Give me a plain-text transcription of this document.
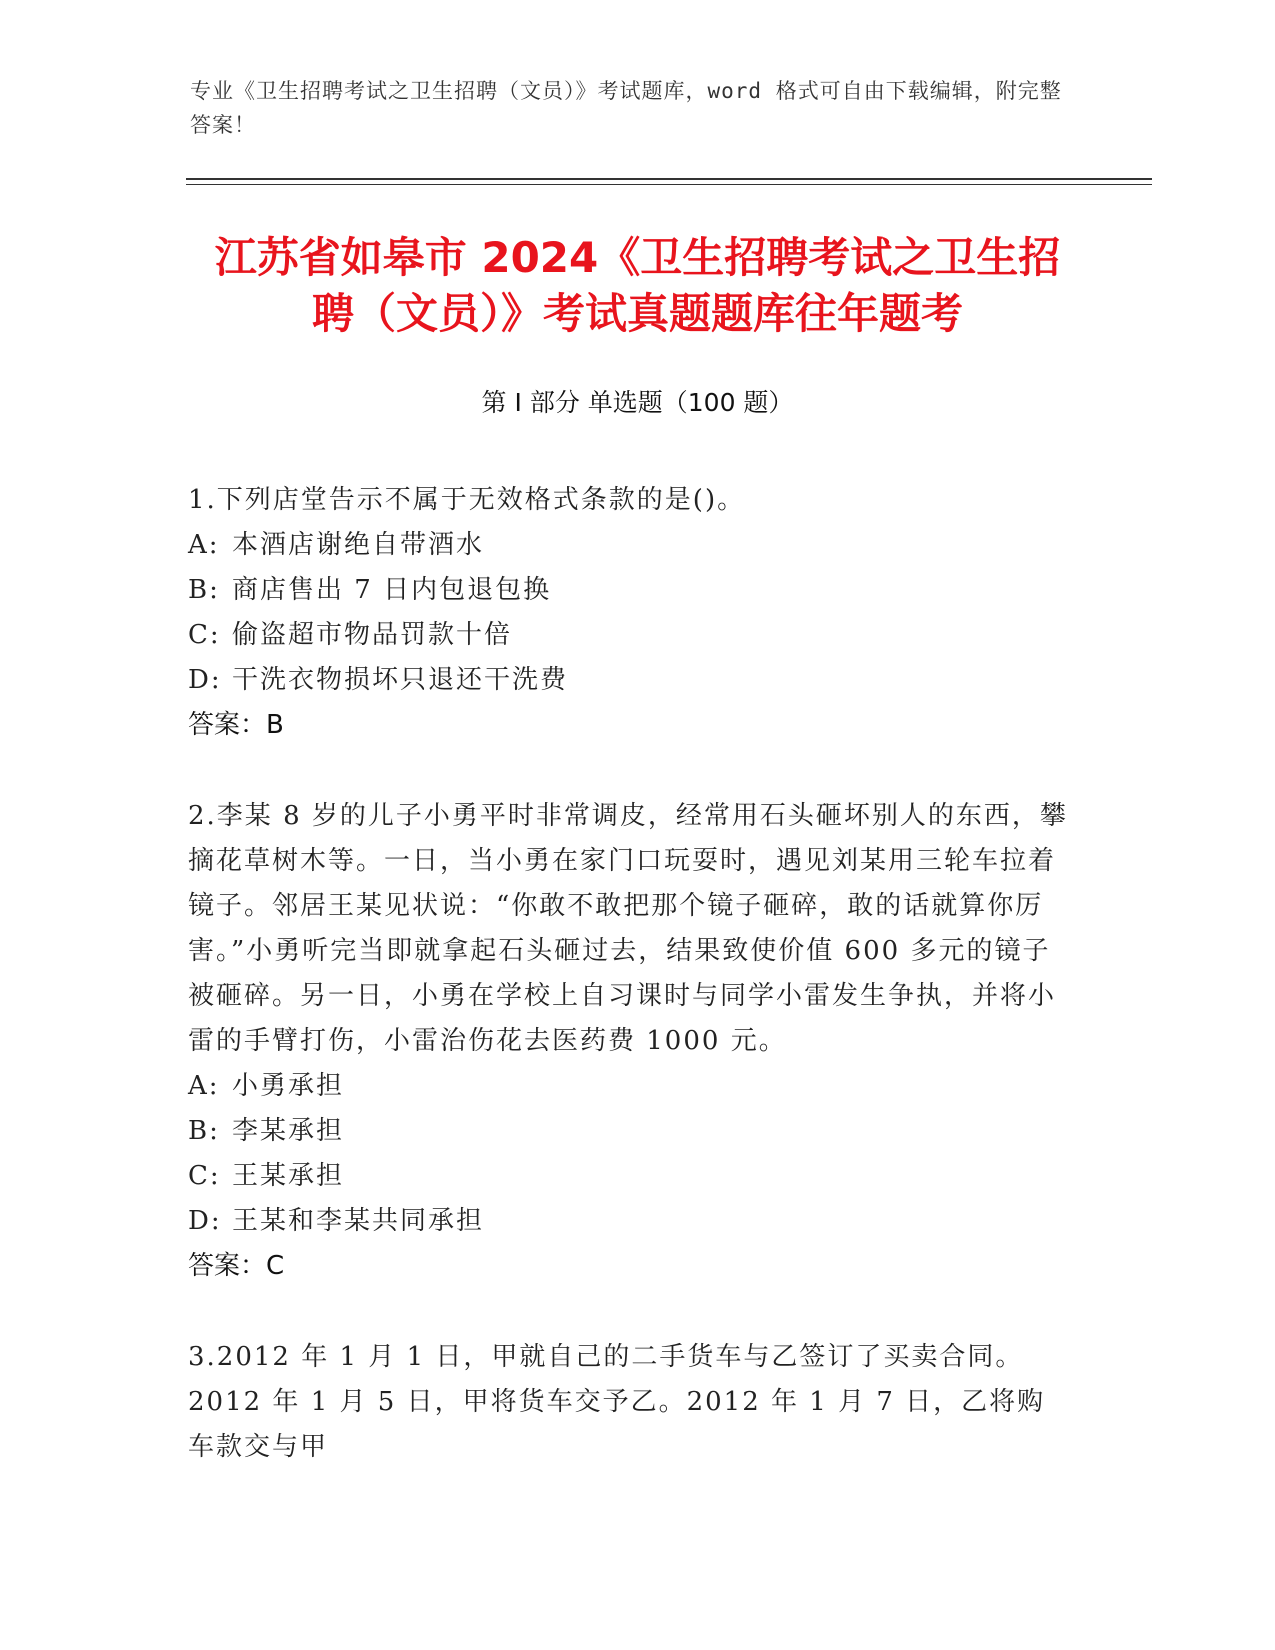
专业《卫生招聘考试之卫生招聘（文员）》考试题库，word 格式可自由下载编辑，附完整答案！
江苏省如皋市 2024《卫生招聘考试之卫生招
聘（文员）》考试真题题库往年题考
第 I 部分 单选题（100 题）
1.下列店堂告示不属于无效格式条款的是()。
A: 本酒店谢绝自带酒水
B: 商店售出 7 日内包退包换
C: 偷盗超市物品罚款十倍
D: 干洗衣物损坏只退还干洗费
答案：B
2.李某 8 岁的儿子小勇平时非常调皮，经常用石头砸坏别人的东西，攀摘花草树木等。一日，当小勇在家门口玩耍时，遇见刘某用三轮车拉着镜子。邻居王某见状说：“你敢不敢把那个镜子砸碎，敢的话就算你厉害。”小勇听完当即就拿起石头砸过去，结果致使价值 600 多元的镜子被砸碎。另一日，小勇在学校上自习课时与同学小雷发生争执，并将小雷的手臂打伤，小雷治伤花去医药费 1000 元。
A: 小勇承担
B: 李某承担
C: 王某承担
D: 王某和李某共同承担
答案：C
3.2012 年 1 月 1 日，甲就自己的二手货车与乙签订了买卖合同。2012 年 1 月 5 日，甲将货车交予乙。2012 年 1 月 7 日，乙将购车款交与甲
